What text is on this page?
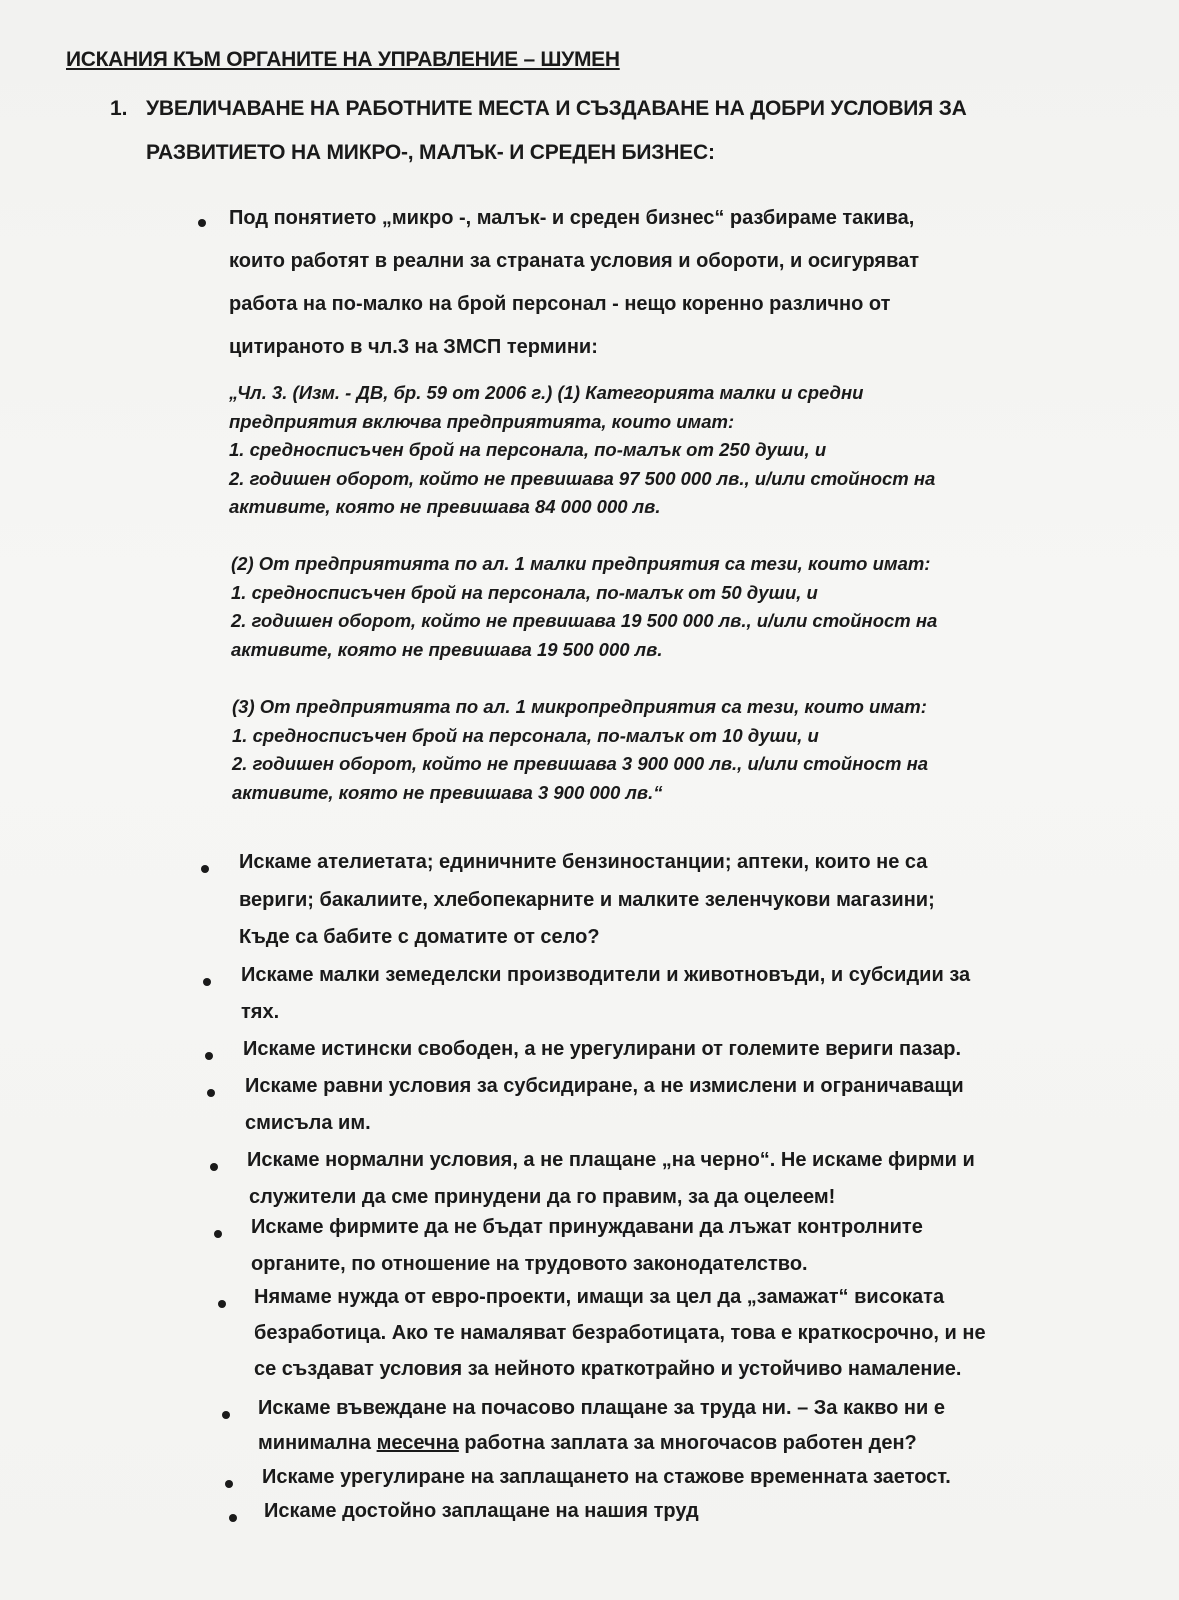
ИСКАНИЯ КЪМ ОРГАНИТЕ НА УПРАВЛЕНИЕ – ШУМЕН
1. УВЕЛИЧАВАНЕ НА РАБОТНИТЕ МЕСТА И СЪЗДАВАНЕ НА ДОБРИ УСЛОВИЯ ЗА
РАЗВИТИЕТО НА МИКРО-, МАЛЪК- И СРЕДЕН БИЗНЕС:
Под понятието „микро -, малък- и среден бизнес“ разбираме такива,
които работят в реални за страната условия и обороти, и осигуряват
работа на по-малко на брой персонал - нещо коренно различно от
цитираното в чл.3 на ЗМСП термини:
„Чл. 3. (Изм. - ДВ, бр. 59 от 2006 г.) (1) Категорията малки и средни
предприятия включва предприятията, които имат:
1. средносписъчен брой на персонала, по-малък от 250 души, и
2. годишен оборот, който не превишава 97 500 000 лв., и/или стойност на
активите, която не превишава 84 000 000 лв.
(2) От предприятията по ал. 1 малки предприятия са тези, които имат:
1. средносписъчен брой на персонала, по-малък от 50 души, и
2. годишен оборот, който не превишава 19 500 000 лв., и/или стойност на
активите, която не превишава 19 500 000 лв.
(3) От предприятията по ал. 1 микропредприятия са тези, които имат:
1. средносписъчен брой на персонала, по-малък от 10 души, и
2. годишен оборот, който не превишава 3 900 000 лв., и/или стойност на
активите, която не превишава 3 900 000 лв.“
Искаме ателиетата; единичните бензиностанции; аптеки, които не са
вериги; бакалиите, хлебопекарните и малките зеленчукови магазини;
Къде са бабите с доматите от село?
Искаме малки земеделски производители и животновъди, и субсидии за
тях.
Искаме истински свободен, а не урегулирани от големите вериги пазар.
Искаме равни условия за субсидиране, а не измислени и ограничаващи
смисъла им.
Искаме нормални условия, а не плащане „на черно“. Не искаме фирми и
служители да сме принудени да го правим, за да оцелеем!
Искаме фирмите да не бъдат принуждавани да лъжат контролните
органите, по отношение на трудовото законодателство.
Нямаме нужда от евро-проекти, имащи за цел да „замажат“ високата
безработица. Ако те намаляват безработицата, това е краткосрочно, и не
се създават условия за нейното краткотрайно и устойчиво намаление.
Искаме въвеждане на почасово плащане за труда ни. – За какво ни е
минимална месечна работна заплата за многочасов работен ден?
Искаме урегулиране на заплащането на стажове временната заетост.
Искаме достойно заплащане на нашия труд
